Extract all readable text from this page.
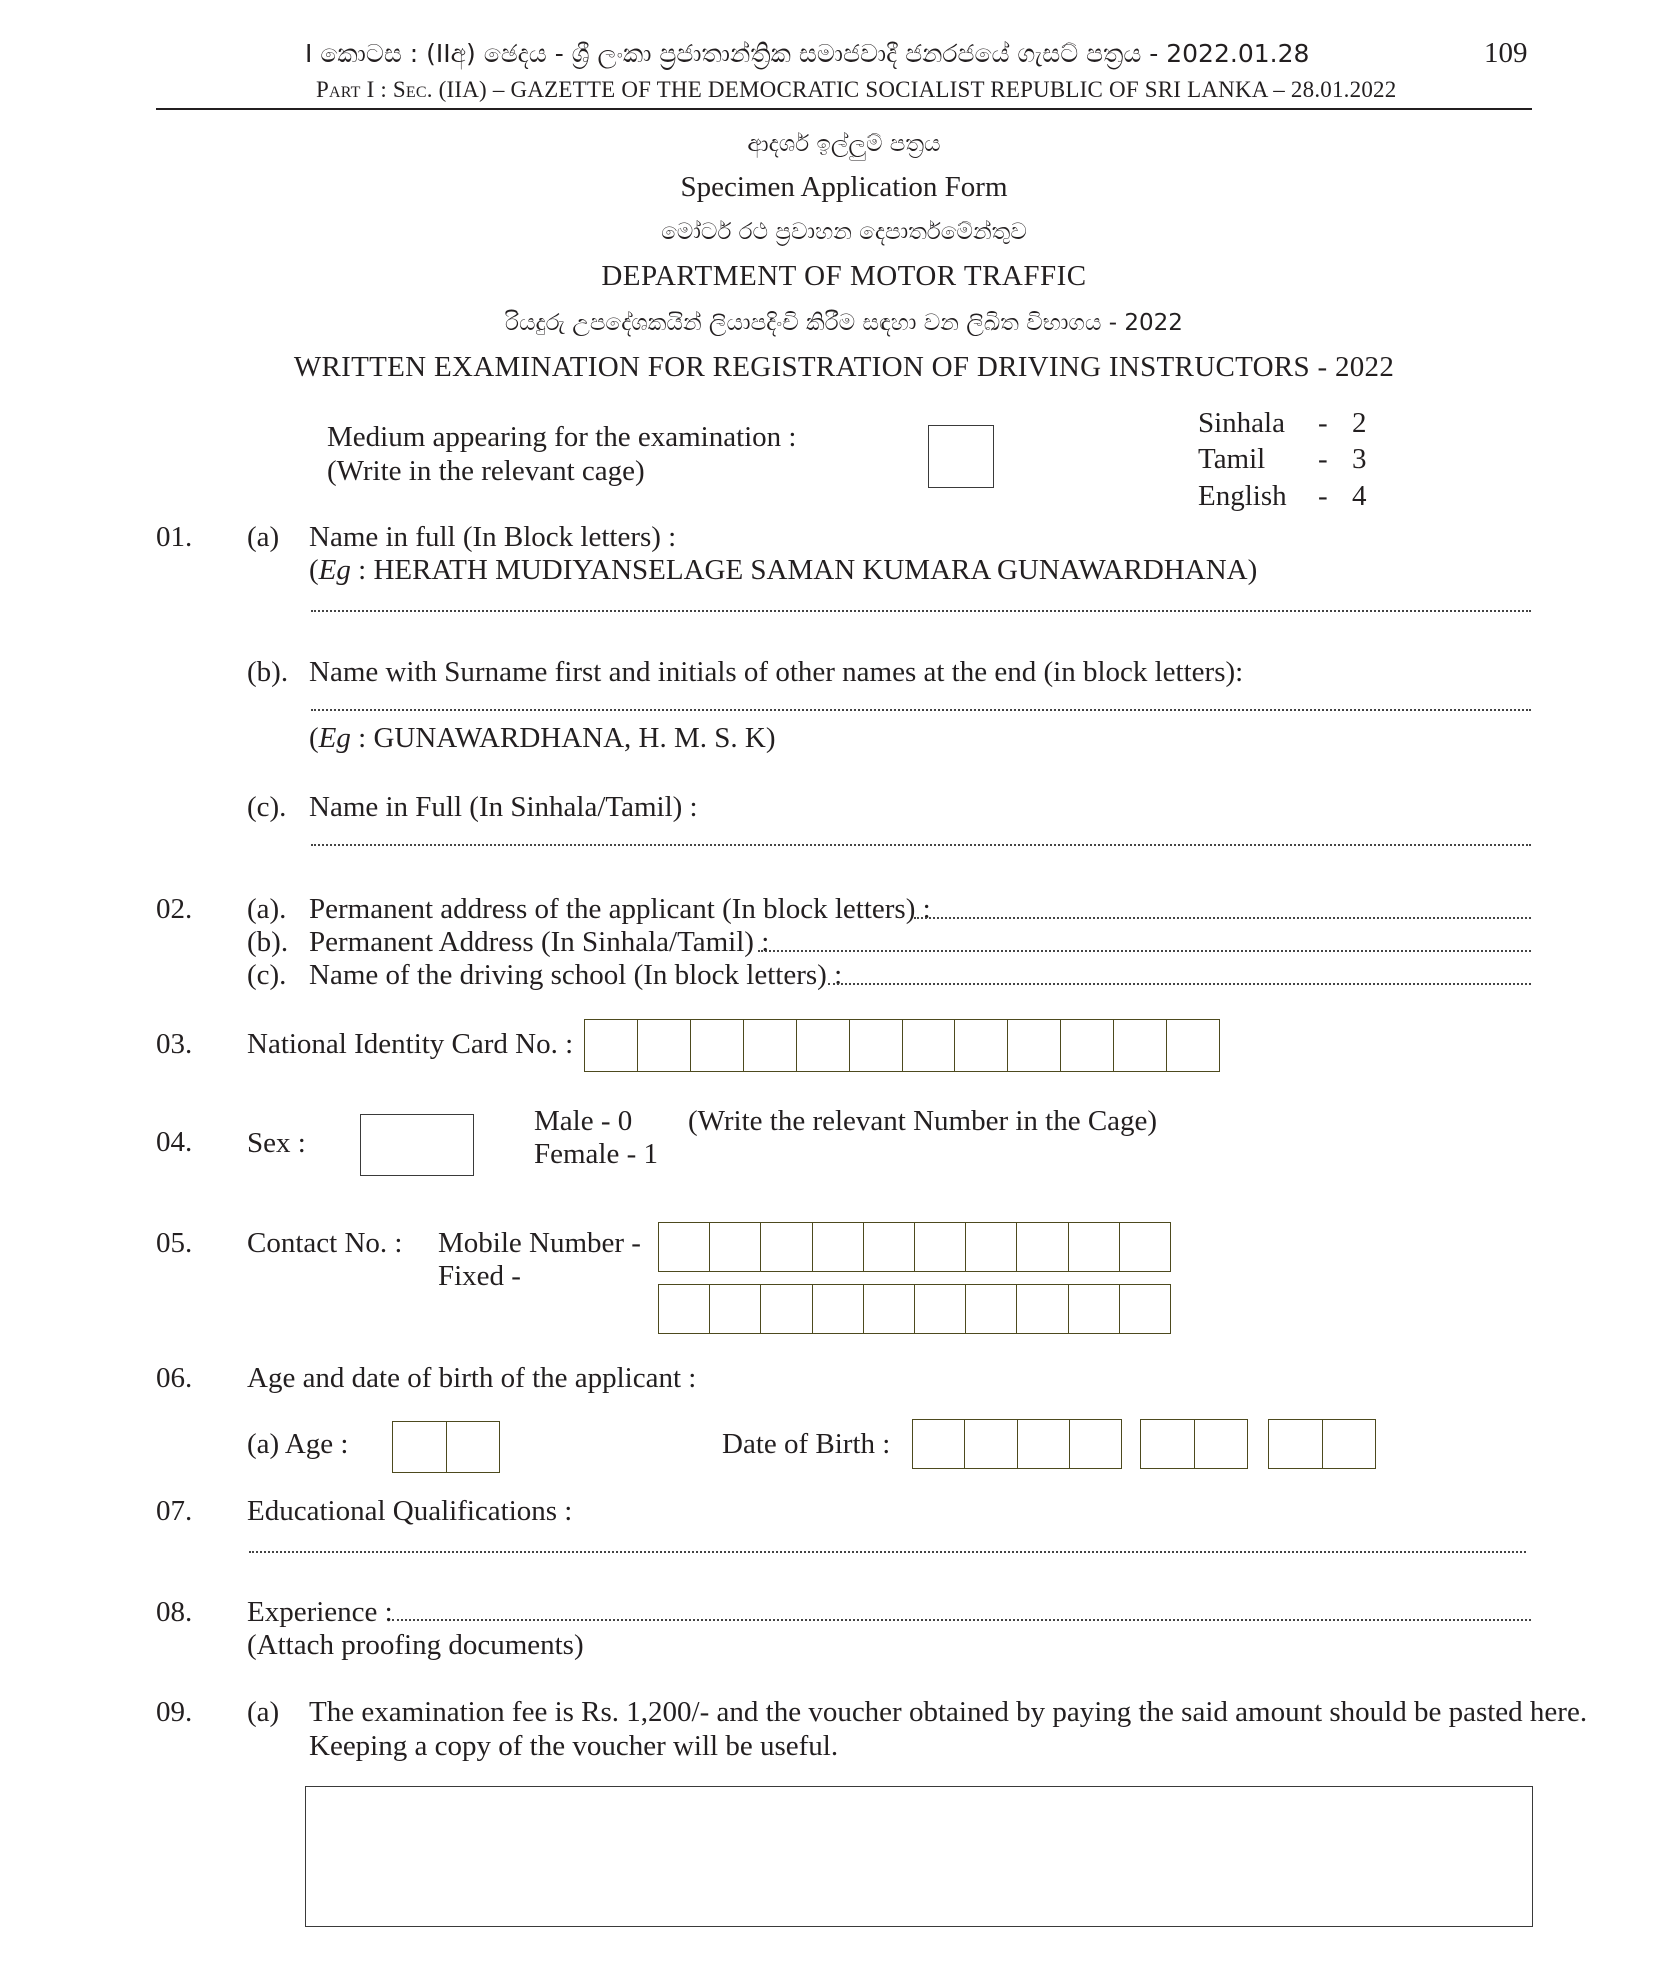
I කොටස : (IIඅ) ඡෙදය - ශ්‍රී ලංකා ප්‍රජාතාන්ත්‍රික සමාජවාදී ජනරජයේ ගැසට් පත්‍රය - 2022.01.28	109
Part I : Sec. (IIA) – GAZETTE OF THE DEMOCRATIC SOCIALIST REPUBLIC OF SRI LANKA – 28.01.2022
ආදර්ශ ඉල්ලුම් පත්‍රය
Specimen Application Form
මෝටර් රථ ප්‍රවාහන දෙපාර්තමේන්තුව
DEPARTMENT OF MOTOR TRAFFIC
රියදුරු උපදේශකයින් ලියාපදිංචි කිරීම සඳහා වන ලිඛිත විභාගය - 2022
WRITTEN EXAMINATION FOR REGISTRATION OF DRIVING INSTRUCTORS - 2022
Medium appearing for the examination :
(Write in the relevant cage)
Sinhala - 2
Tamil - 3
English - 4
01. (a) Name in full (In Block letters) :
(Eg : HERATH MUDIYANSELAGE SAMAN KUMARA GUNAWARDHANA)
(b). Name with Surname first and initials of other names at the end (in block letters):
(Eg : GUNAWARDHANA, H. M. S. K)
(c). Name in Full (In Sinhala/Tamil) :
02. (a). Permanent address of the applicant (In block letters) :
(b). Permanent Address (In Sinhala/Tamil) :
(c). Name of the driving school (In block letters) :
03. National Identity Card No. :
04. Sex :
Male - 0
Female - 1
(Write the relevant Number in the Cage)
05. Contact No. : Mobile Number -
Fixed -
06. Age and date of birth of the applicant :
(a) Age :	Date of Birth :
07. Educational Qualifications :
08. Experience :
(Attach proofing documents)
09. (a) The examination fee is Rs. 1,200/- and the voucher obtained by paying the said amount should be pasted here.
Keeping a copy of the voucher will be useful.
